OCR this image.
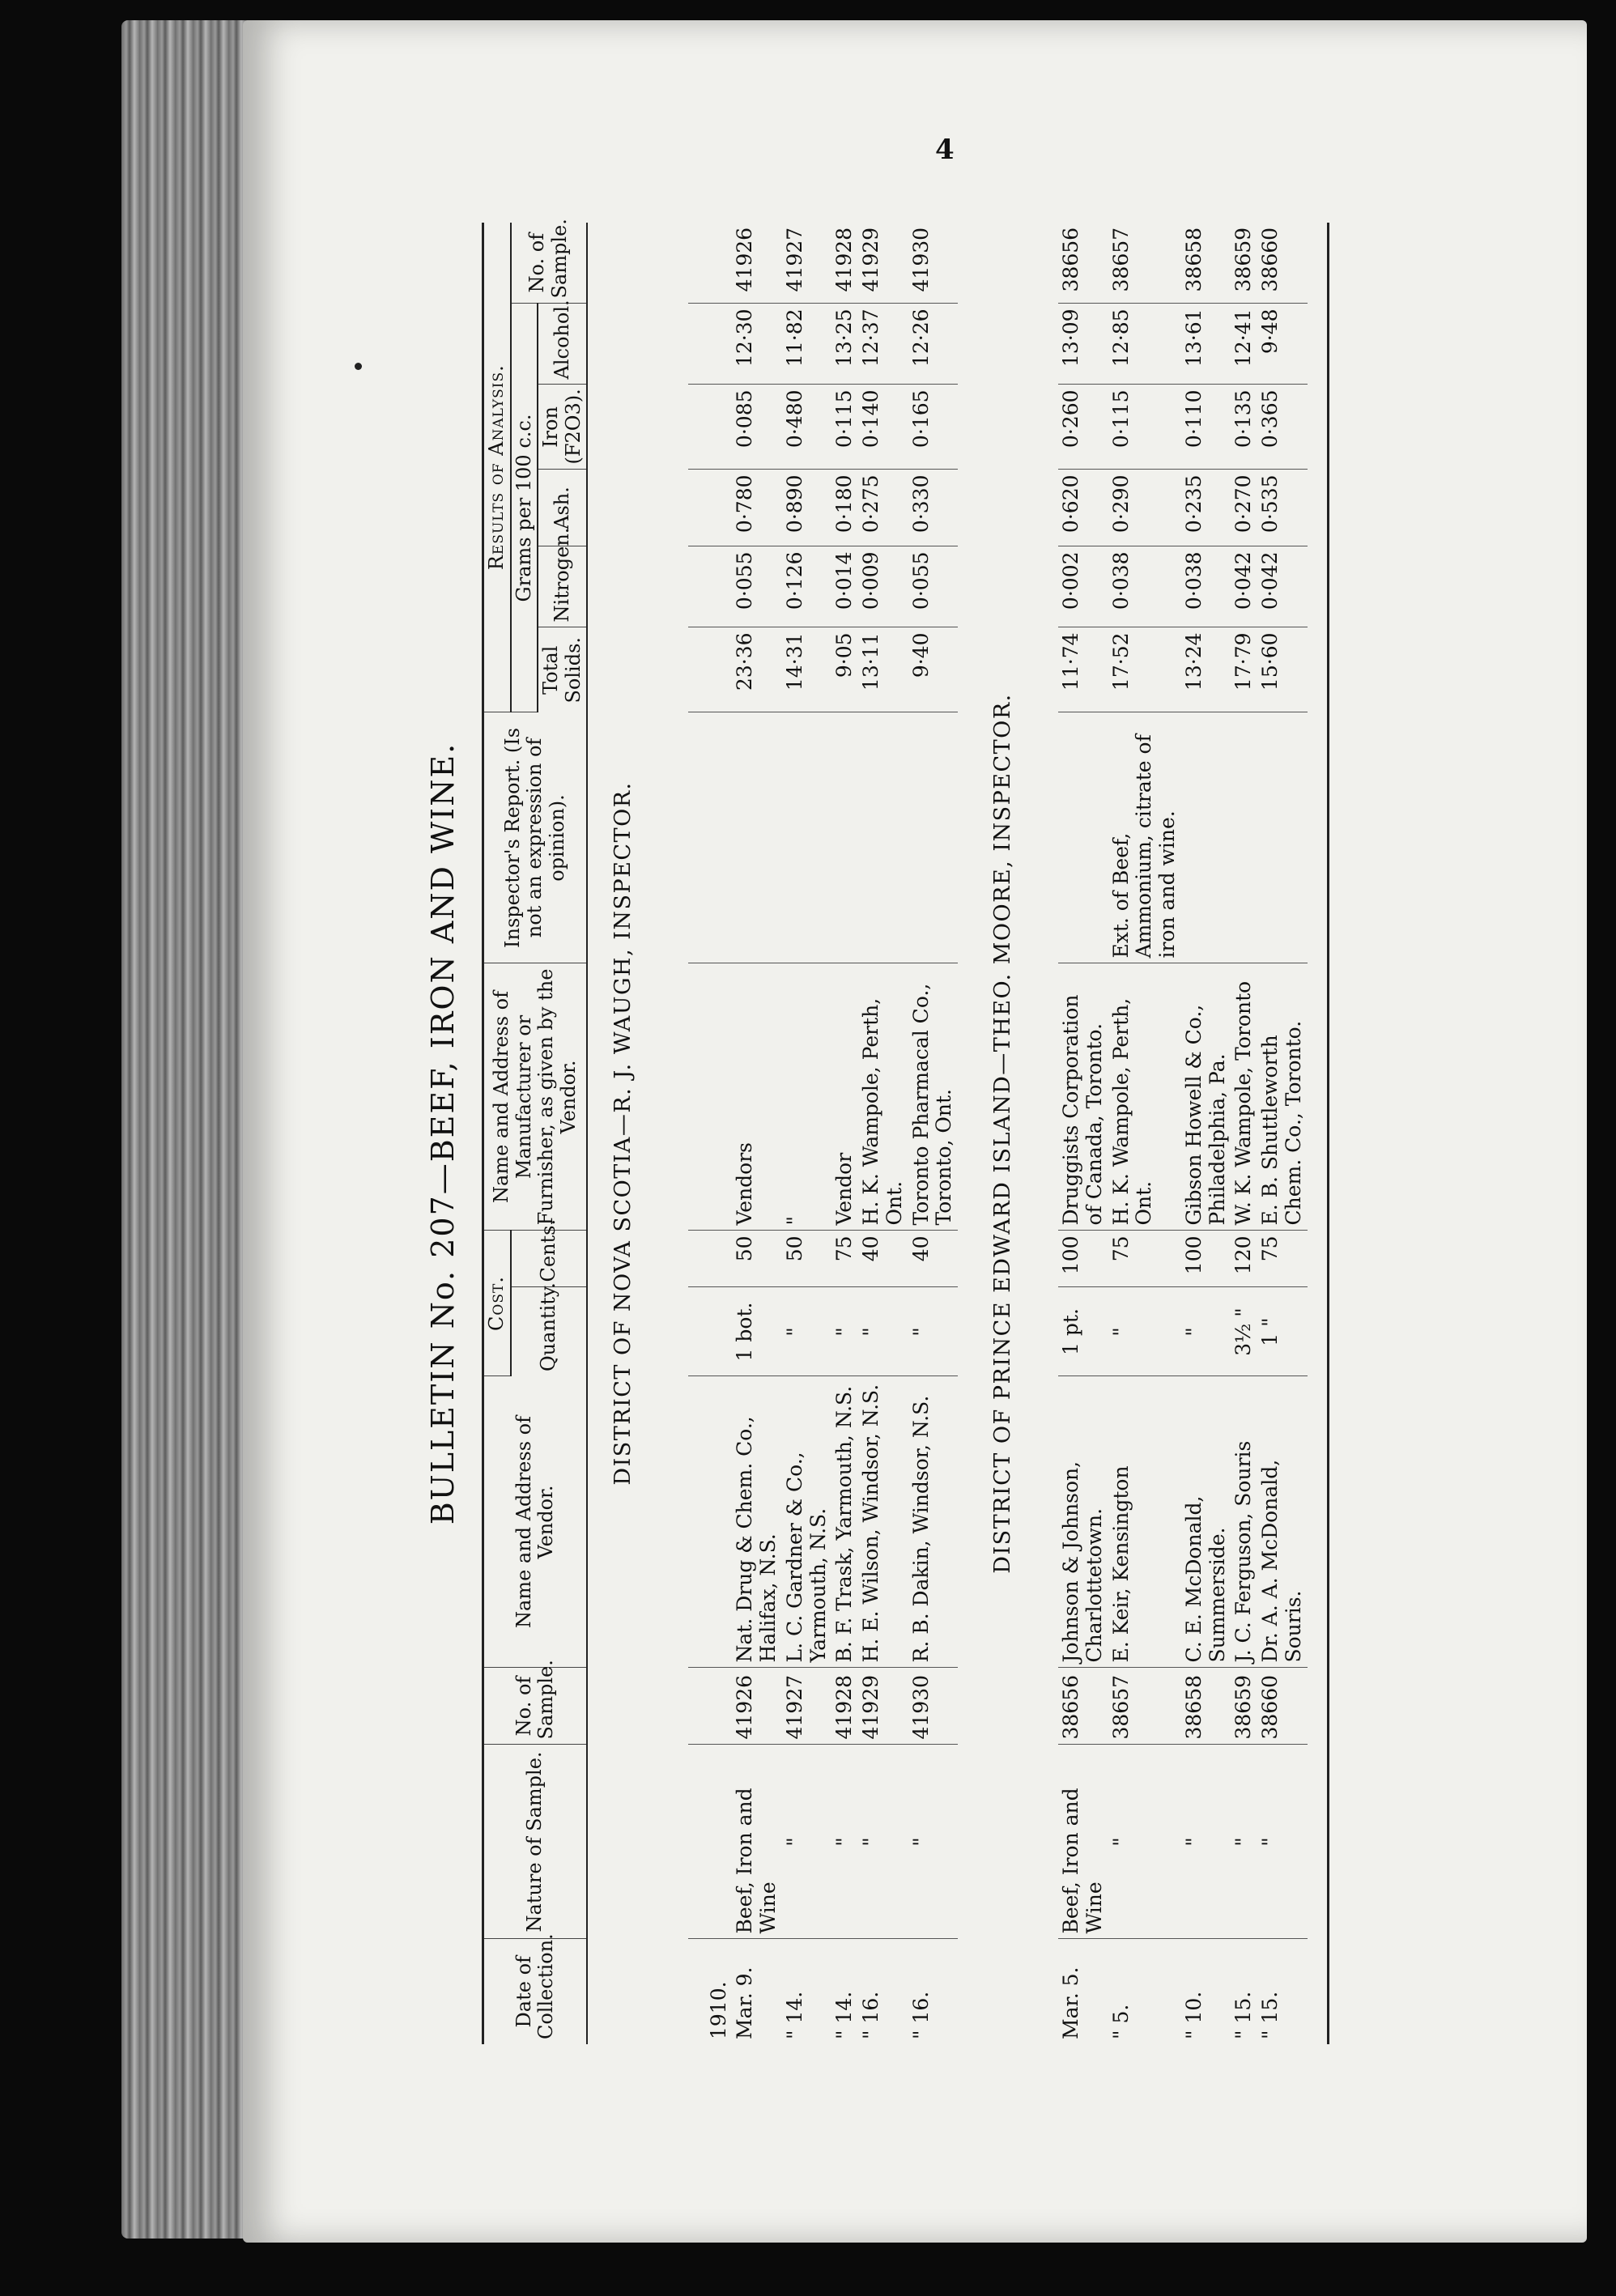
4
BULLETIN No. 207—BEEF, IRON AND WINE.
Date of Collection.	Nature of Sample.	No. of Sample.	Name and Address of Vendor.	Cost.		Name and Address of Manufacturer or Furnisher, as given by the Vendor.	Inspector's Report. (Is not an expression of opinion).	Results of Analysis.					
				Quantity.	Cents.			Grams per 100 c.c.					No. of Sample.
								Total Solids.	Nitrogen.	Ash.	Iron (F2O3).	Alcohol.	

DISTRICT OF NOVA SCOTIA—R. J. WAUGH, INSPECTOR.													

1910.													
Mar. 9.	Beef, Iron and Wine	41926	Nat. Drug & Chem. Co., Halifax, N.S.	1 bot.	50	Vendors		23·36	0·055	0·780	0·085	12·30	41926
" 14.	"	41927	L. C. Gardner & Co., Yarmouth, N.S.	"	50	"		14·31	0·126	0·890	0·480	11·82	41927
" 14.	"	41928	B. F. Trask, Yarmouth, N.S.	"	75	Vendor		9·05	0·014	0·180	0·115	13·25	41928
" 16.	"	41929	H. E. Wilson, Windsor, N.S.	"	40	H. K. Wampole, Perth, Ont.		13·11	0·009	0·275	0·140	12·37	41929
" 16.	"	41930	R. B. Dakin, Windsor, N.S.	"	40	Toronto Pharmacal Co., Toronto, Ont.		9·40	0·055	0·330	0·165	12·26	41930

DISTRICT OF PRINCE EDWARD ISLAND—THEO. MOORE, INSPECTOR.													

Mar. 5.	Beef, Iron and Wine	38656	Johnson & Johnson, Charlottetown.	1 pt.	100	Druggists Corporation of Canada, Toronto.		11·74	0·002	0·620	0·260	13·09	38656
" 5.	"	38657	E. Keir, Kensington	"	75	H. K. Wampole, Perth, Ont.	Ext. of Beef, Ammonium, citrate of iron and wine.	17·52	0·038	0·290	0·115	12·85	38657
" 10.	"	38658	C. E. McDonald, Summerside.	"	100	Gibson Howell & Co., Philadelphia, Pa.		13·24	0·038	0·235	0·110	13·61	38658
" 15.	"	38659	J. C. Ferguson, Souris	3½ "	120	W. K. Wampole, Toronto		17·79	0·042	0·270	0·135	12·41	38659
" 15.	"	38660	Dr. A. A. McDonald, Souris.	1 "	75	E. B. Shuttleworth Chem. Co., Toronto.		15·60	0·042	0·535	0·365	9·48	38660
